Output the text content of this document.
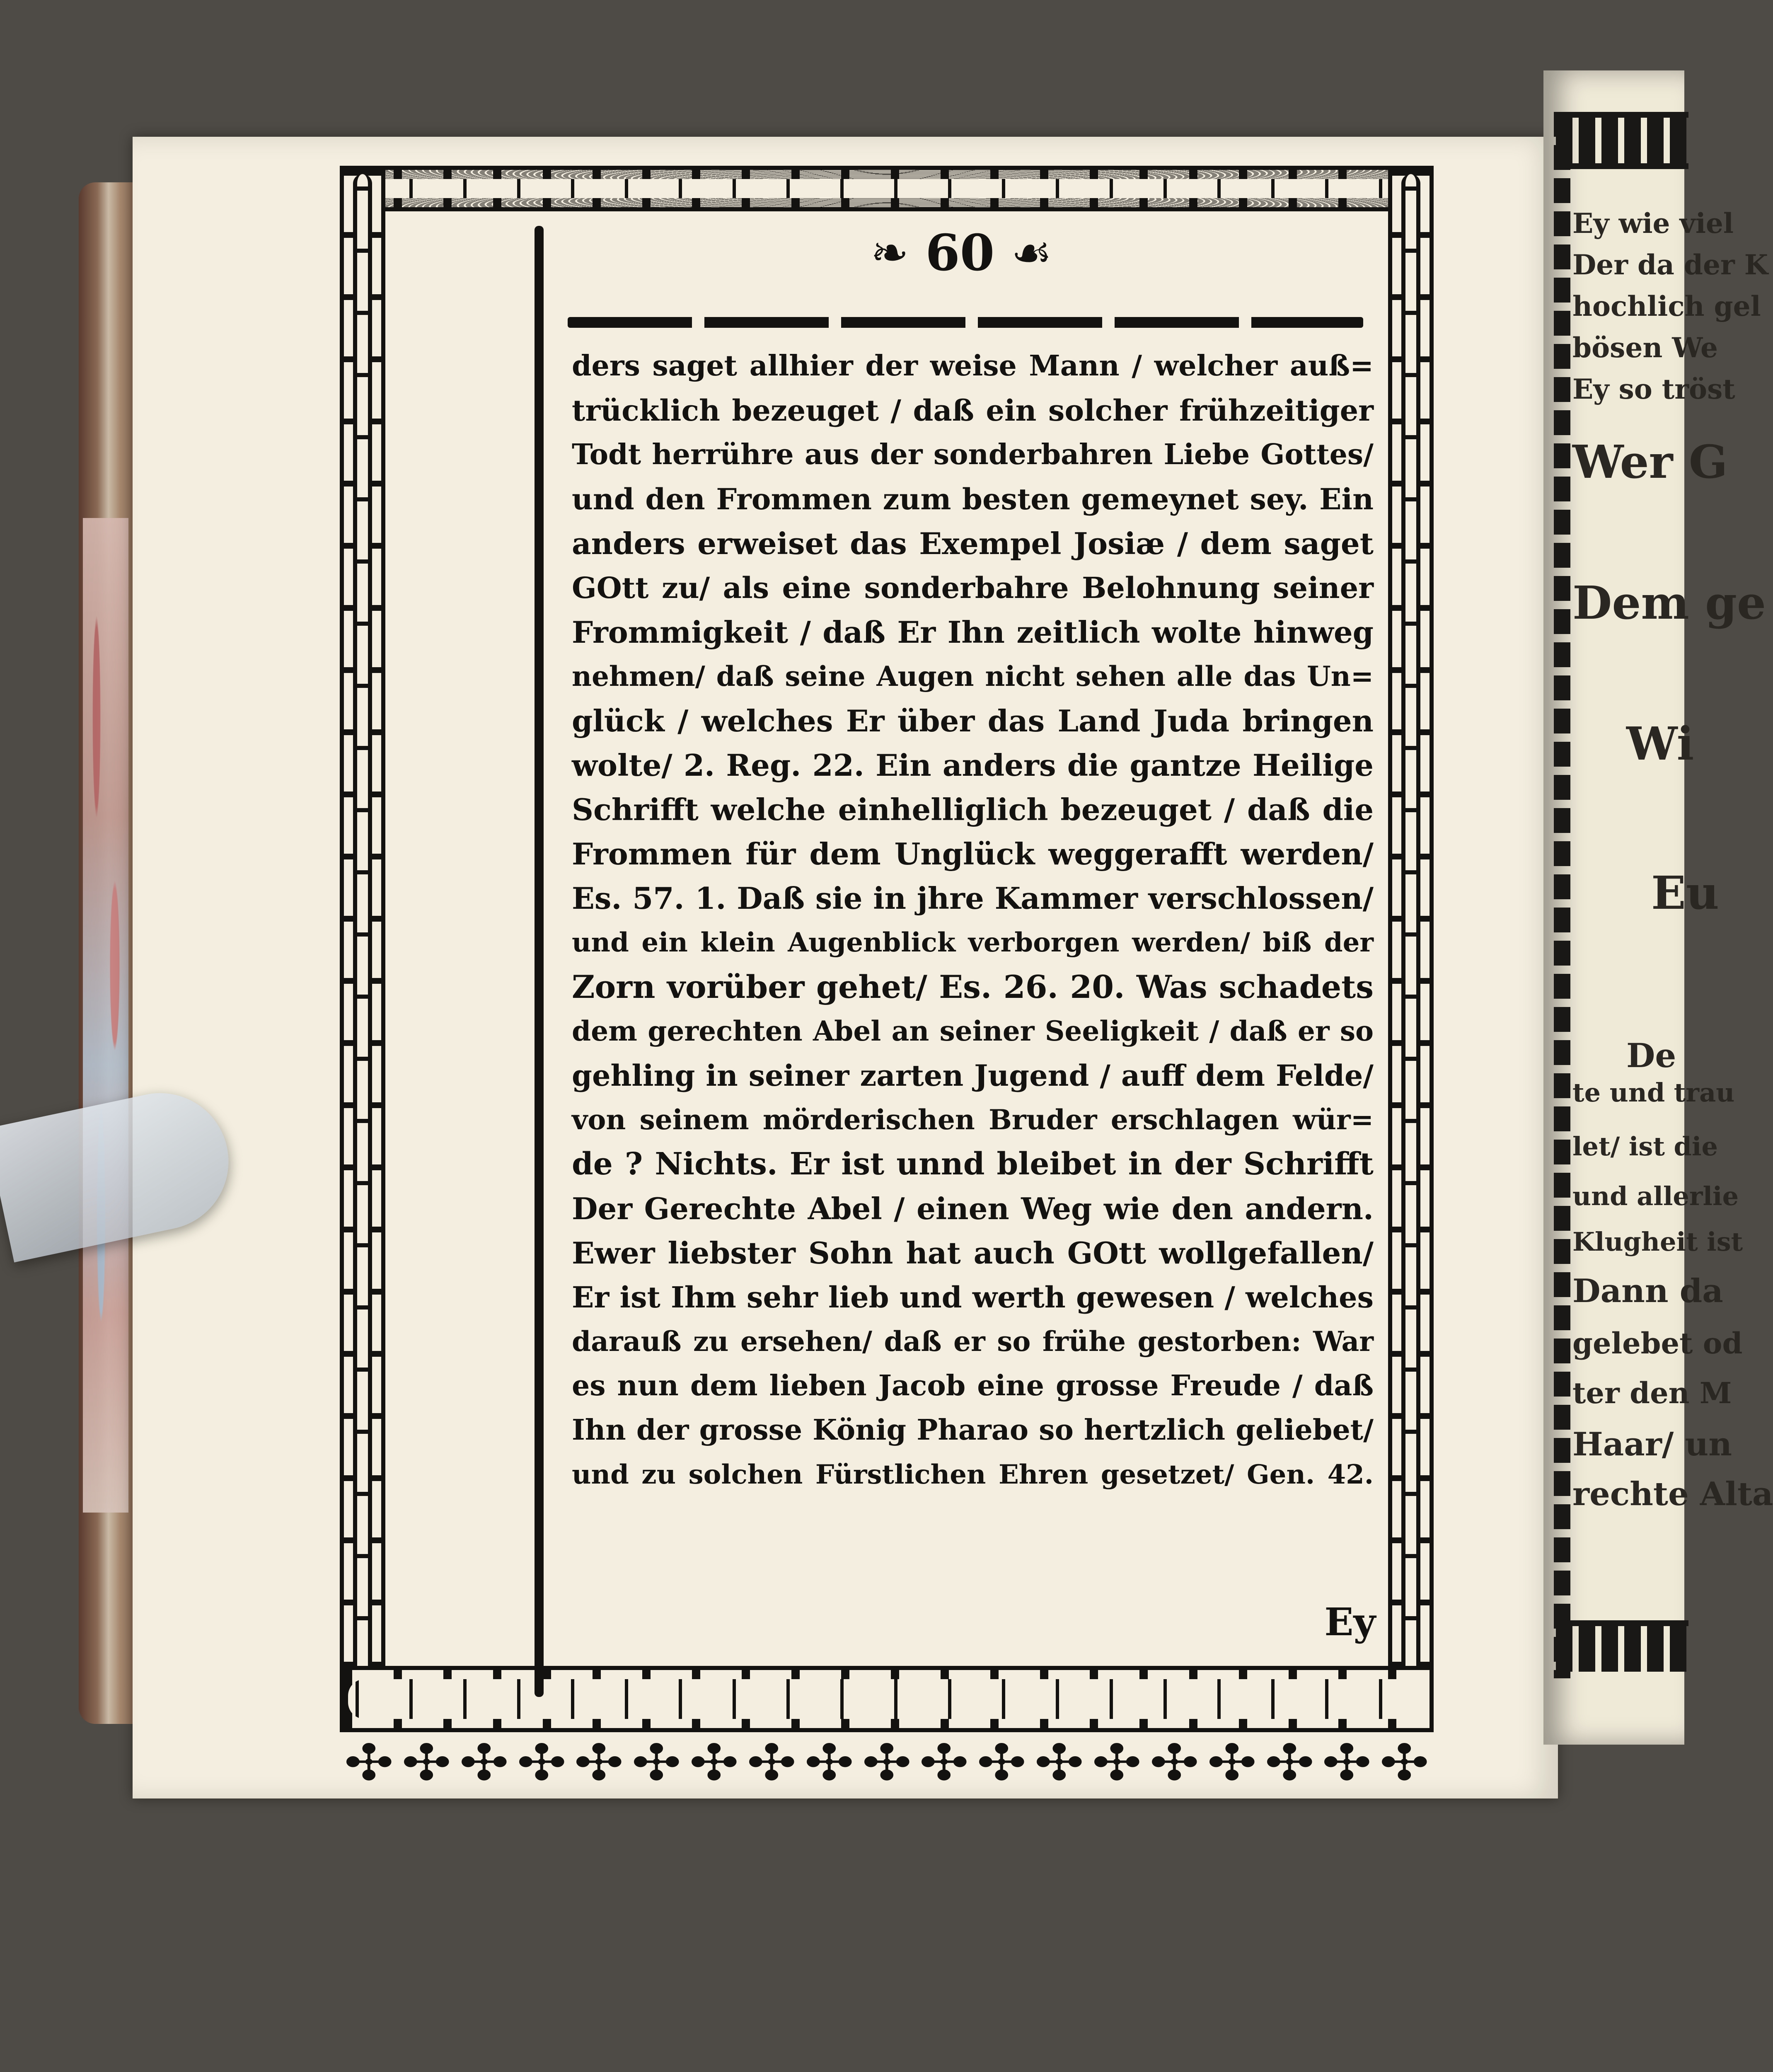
Ey wie viel
Der da der K
hochlich gel
bösen We
Ey so tröst
Wer G
Dem ge
Wi
Eu
De
te und trau
let/ ist die
und allerlie
Klugheit ist
Dann da
gelebet od
ter den M
Haar/ un
rechte Alta
✣ ✣ ✣ ✣ ✣ ✣ ✣ ✣ ✣ ✣ ✣ ✣ ✣ ✣ ✣ ✣ ✣ ✣ ✣
❧ 60 ☙
ders saget allhier der weise Mann / welcher auß=
trücklich bezeuget / daß ein solcher frühzeitiger
Todt herrühre aus der sonderbahren Liebe Gottes/
und den Frommen zum besten gemeynet sey. Ein
anders erweiset das Exempel Josiæ / dem saget
GOtt zu/ als eine sonderbahre Belohnung seiner
Frommigkeit / daß Er Ihn zeitlich wolte hinweg
nehmen/ daß seine Augen nicht sehen alle das Un=
glück / welches Er über das Land Juda bringen
wolte/ 2. Reg. 22. Ein anders die gantze Heilige
Schrifft welche einhelliglich bezeuget / daß die
Frommen für dem Unglück weggerafft werden/
Es. 57. 1. Daß sie in jhre Kammer verschlossen/
und ein klein Augenblick verborgen werden/ biß der
Zorn vorüber gehet/ Es. 26. 20. Was schadets
dem gerechten Abel an seiner Seeligkeit / daß er so
gehling in seiner zarten Jugend / auff dem Felde/
von seinem mörderischen Bruder erschlagen wür=
de ? Nichts. Er ist unnd bleibet in der Schrifft
Der Gerechte Abel / einen Weg wie den andern.
Ewer liebster Sohn hat auch GOtt wollgefallen/
Er ist Ihm sehr lieb und werth gewesen / welches
darauß zu ersehen/ daß er so frühe gestorben: War
es nun dem lieben Jacob eine grosse Freude / daß
Ihn der grosse König Pharao so hertzlich geliebet/
und zu solchen Fürstlichen Ehren gesetzet/ Gen. 42.
Ey
